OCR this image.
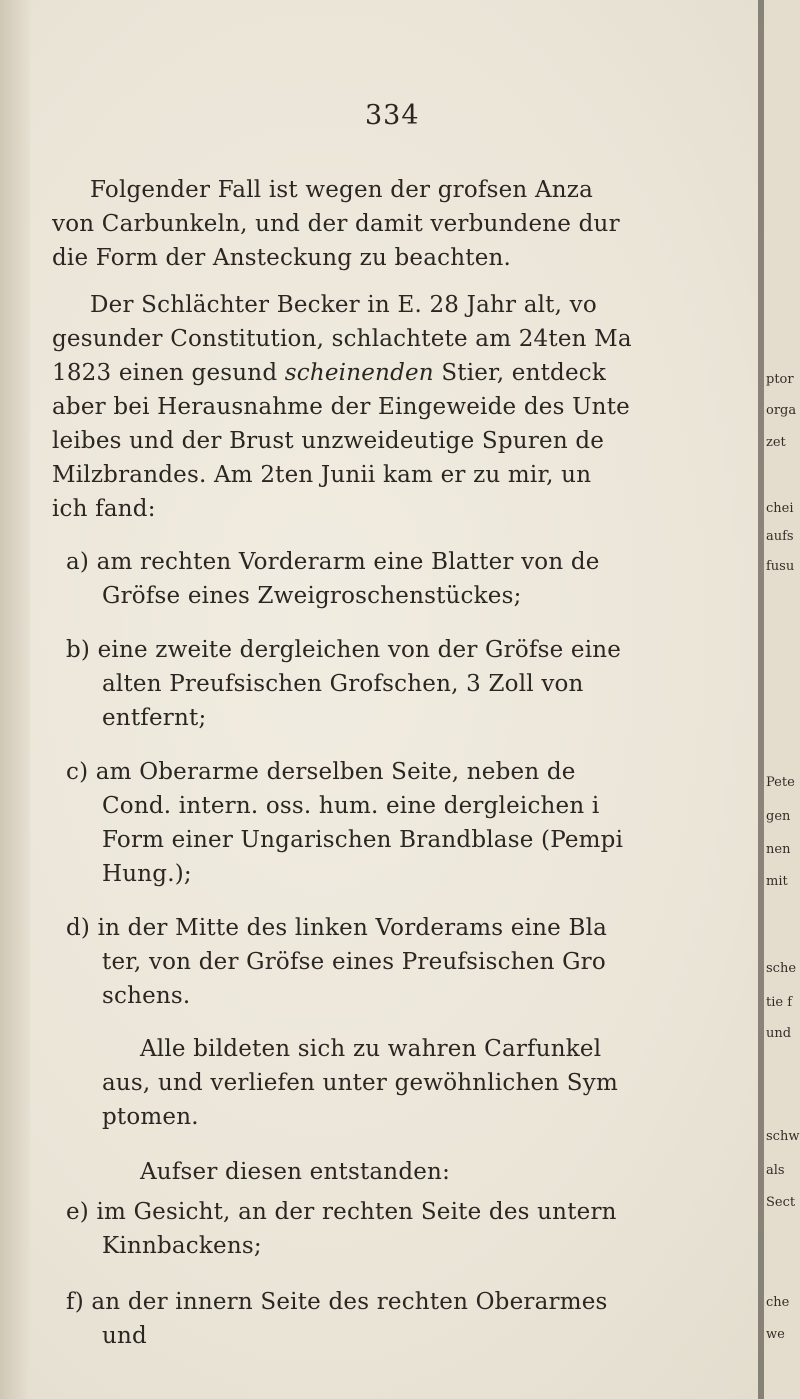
334
Folgender Fall ist wegen der grofsen Anza
von Carbunkeln, und der damit verbundene dur
die Form der Ansteckung zu beachten.
Der Schlächter Becker in E. 28 Jahr alt, vo
gesunder Constitution, schlachtete am 24ten Ma
1823 einen gesund scheinenden Stier, entdeck
aber bei Herausnahme der Eingeweide des Unte
leibes und der Brust unzweideutige Spuren de
Milzbrandes. Am 2ten Junii kam er zu mir, un
ich fand:
a) am rechten Vorderarm eine Blatter von de
Gröfse eines Zweigroschenstückes;
b) eine zweite dergleichen von der Gröfse eine
alten Preufsischen Grofschen, 3 Zoll von
entfernt;
c) am Oberarme derselben Seite, neben de
Cond. intern. oss. hum. eine dergleichen i
Form einer Ungarischen Brandblase (Pempi
Hung.);
d) in der Mitte des linken Vorderams eine Bla
ter, von der Gröfse eines Preufsischen Gro
schens.
Alle bildeten sich zu wahren Carfunkel
aus, und verliefen unter gewöhnlichen Sym
ptomen.
Aufser diesen entstanden:
e) im Gesicht, an der rechten Seite des untern
Kinnbackens;
f) an der innern Seite des rechten Oberarmes
und
ptor
orga
zet
chei
aufs
fusu
Pete
gen
nen
mit
sche
tie f
und
schw
als
Sect
che
we
